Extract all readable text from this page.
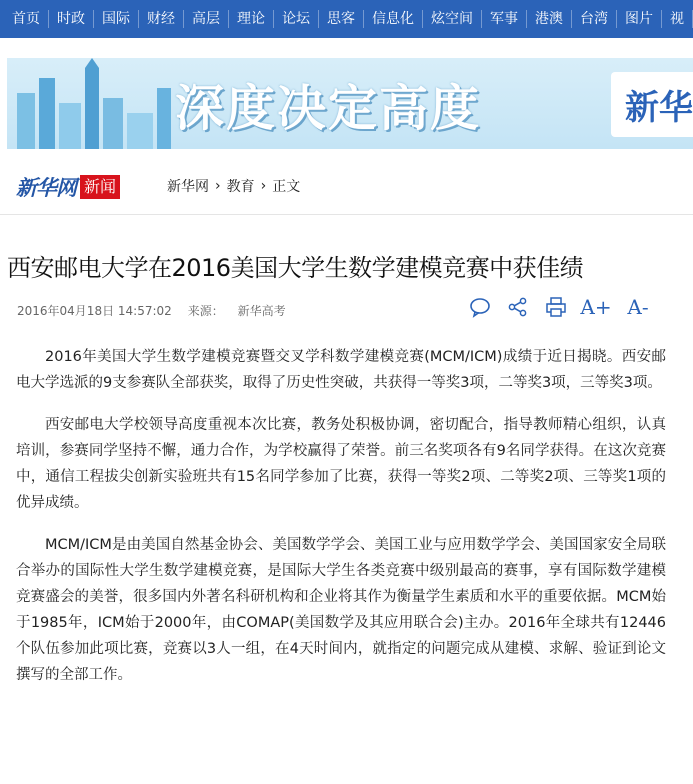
首页	时政	国际	财经	高层	理论	论坛	思客	信息化	炫空间	军事	港澳	台湾	图片	视
深度决定高度	新华
新华网 新闻	新华网 › 教育 › 正文
西安邮电大学在2016美国大学生数学建模竞赛中获佳绩
2016年04月18日 14:57:02 来源： 新华高考	A+ A-

2016年美国大学生数学建模竞赛暨交叉学科数学建模竞赛(MCM/ICM)成绩于近日揭晓。西安邮电大学选派的9支参赛队全部获奖，取得了历史性突破，共获得一等奖3项，二等奖3项，三等奖3项。

西安邮电大学校领导高度重视本次比赛，教务处积极协调，密切配合，指导教师精心组织，认真培训，参赛同学坚持不懈，通力合作，为学校赢得了荣誉。前三名奖项各有9名同学获得。在这次竞赛中，通信工程拔尖创新实验班共有15名同学参加了比赛，获得一等奖2项、二等奖2项、三等奖1项的优异成绩。

MCM/ICM是由美国自然基金协会、美国数学学会、美国工业与应用数学学会、美国国家安全局联合举办的国际性大学生数学建模竞赛，是国际大学生各类竞赛中级别最高的赛事，享有国际数学建模竞赛盛会的美誉，很多国内外著名科研机构和企业将其作为衡量学生素质和水平的重要依据。MCM始于1985年，ICM始于2000年，由COMAP(美国数学及其应用联合会)主办。2016年全球共有12446个队伍参加此项比赛，竞赛以3人一组，在4天时间内，就指定的问题完成从建模、求解、验证到论文撰写的全部工作。
